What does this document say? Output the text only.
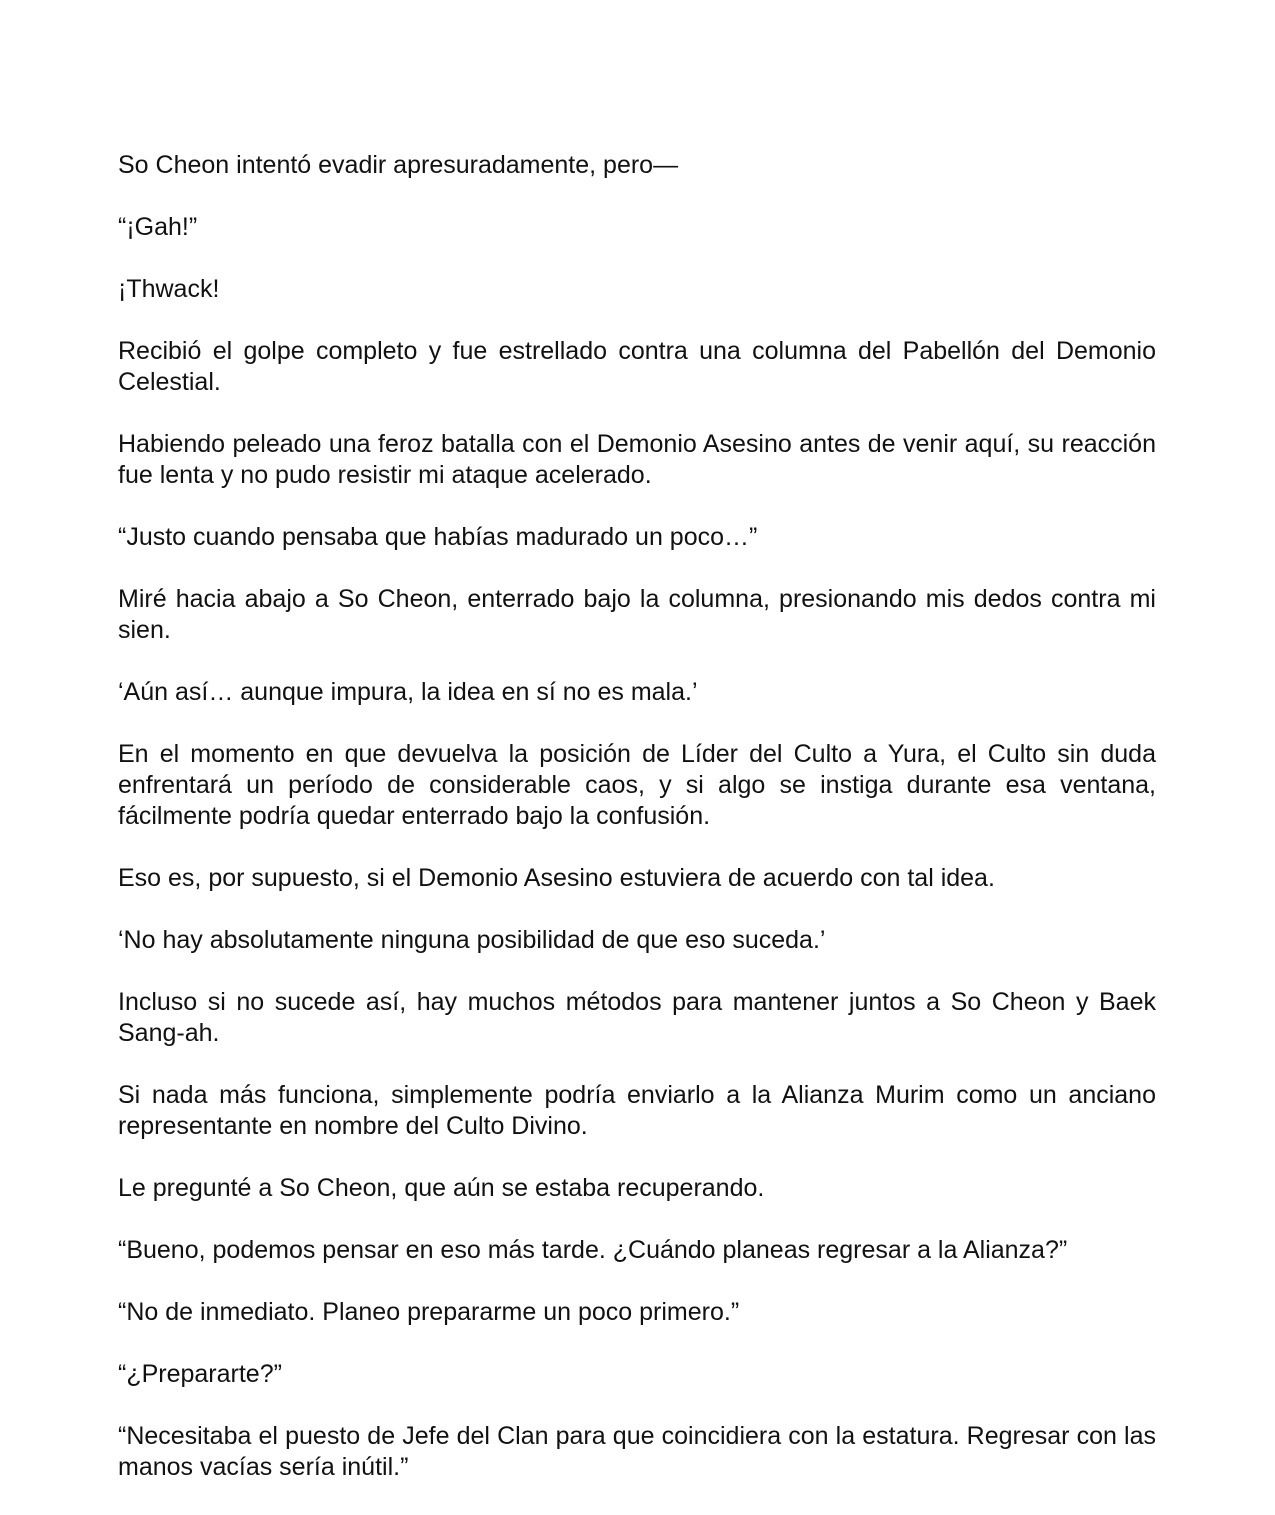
So Cheon intentó evadir apresuradamente, pero—

“¡Gah!”

¡Thwack!

Recibió el golpe completo y fue estrellado contra una columna del Pabellón del Demonio Celestial.

Habiendo peleado una feroz batalla con el Demonio Asesino antes de venir aquí, su reacción fue lenta y no pudo resistir mi ataque acelerado.

“Justo cuando pensaba que habías madurado un poco…”

Miré hacia abajo a So Cheon, enterrado bajo la columna, presionando mis dedos contra mi sien.

‘Aún así… aunque impura, la idea en sí no es mala.’

En el momento en que devuelva la posición de Líder del Culto a Yura, el Culto sin duda enfrentará un período de considerable caos, y si algo se instiga durante esa ventana, fácilmente podría quedar enterrado bajo la confusión.

Eso es, por supuesto, si el Demonio Asesino estuviera de acuerdo con tal idea.

‘No hay absolutamente ninguna posibilidad de que eso suceda.’

Incluso si no sucede así, hay muchos métodos para mantener juntos a So Cheon y Baek Sang-ah.

Si nada más funciona, simplemente podría enviarlo a la Alianza Murim como un anciano representante en nombre del Culto Divino.

Le pregunté a So Cheon, que aún se estaba recuperando.

“Bueno, podemos pensar en eso más tarde. ¿Cuándo planeas regresar a la Alianza?”

“No de inmediato. Planeo prepararme un poco primero.”

“¿Prepararte?”

“Necesitaba el puesto de Jefe del Clan para que coincidiera con la estatura. Regresar con las manos vacías sería inútil.”
